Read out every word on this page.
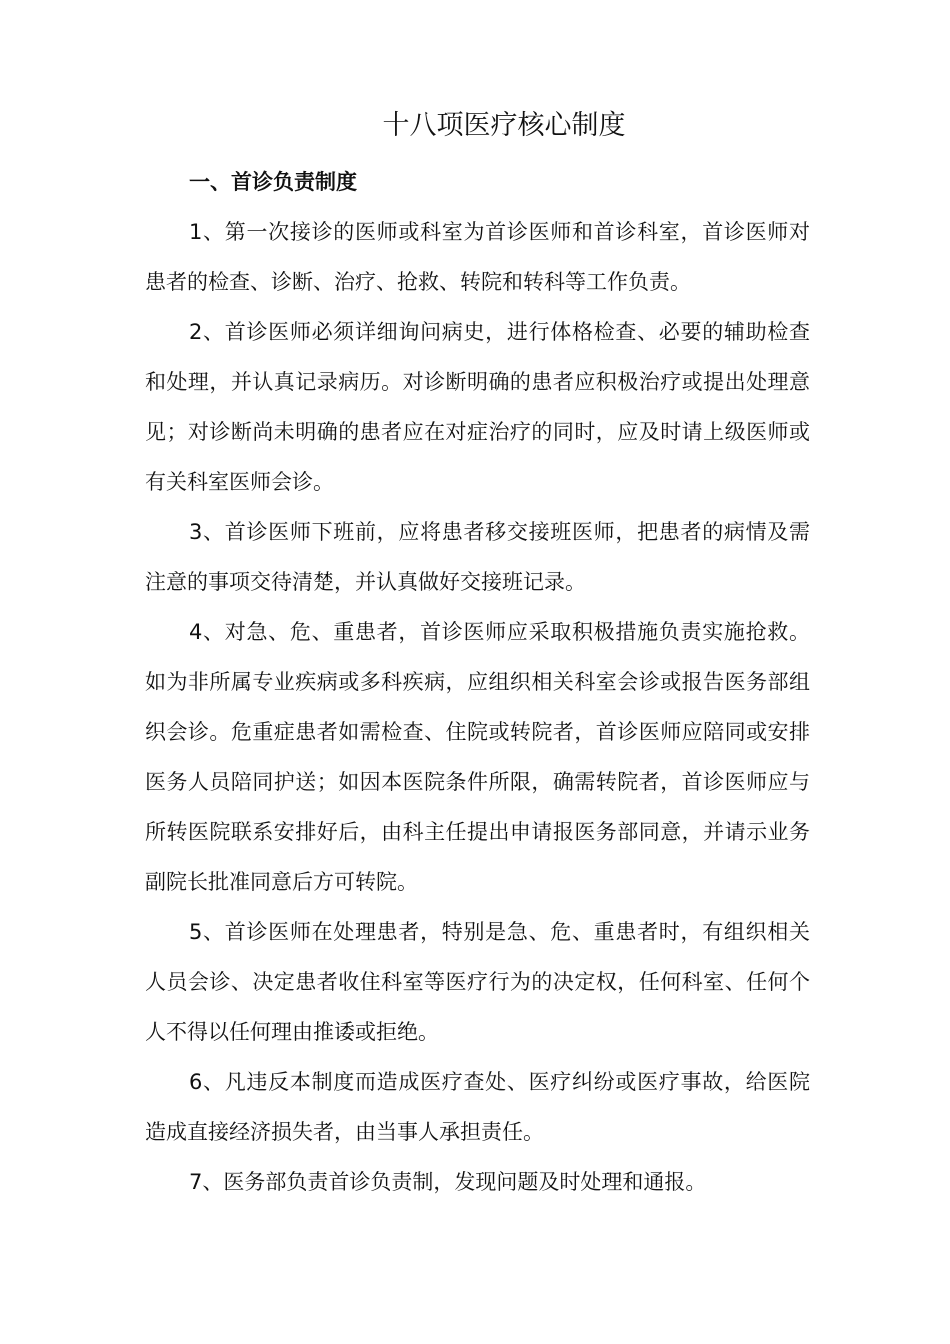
十八项医疗核心制度
一、首诊负责制度

1、第一次接诊的医师或科室为首诊医师和首诊科室，首诊医师对患者的检查、诊断、治疗、抢救、转院和转科等工作负责。

2、首诊医师必须详细询问病史，进行体格检查、必要的辅助检查和处理，并认真记录病历。对诊断明确的患者应积极治疗或提出处理意见；对诊断尚未明确的患者应在对症治疗的同时，应及时请上级医师或有关科室医师会诊。

3、首诊医师下班前，应将患者移交接班医师，把患者的病情及需注意的事项交待清楚，并认真做好交接班记录。

4、对急、危、重患者，首诊医师应采取积极措施负责实施抢救。如为非所属专业疾病或多科疾病，应组织相关科室会诊或报告医务部组织会诊。危重症患者如需检查、住院或转院者，首诊医师应陪同或安排医务人员陪同护送；如因本医院条件所限，确需转院者，首诊医师应与所转医院联系安排好后，由科主任提出申请报医务部同意，并请示业务副院长批准同意后方可转院。

5、首诊医师在处理患者，特别是急、危、重患者时，有组织相关人员会诊、决定患者收住科室等医疗行为的决定权，任何科室、任何个人不得以任何理由推诿或拒绝。

6、凡违反本制度而造成医疗查处、医疗纠纷或医疗事故，给医院造成直接经济损失者，由当事人承担责任。

7、医务部负责首诊负责制，发现问题及时处理和通报。
